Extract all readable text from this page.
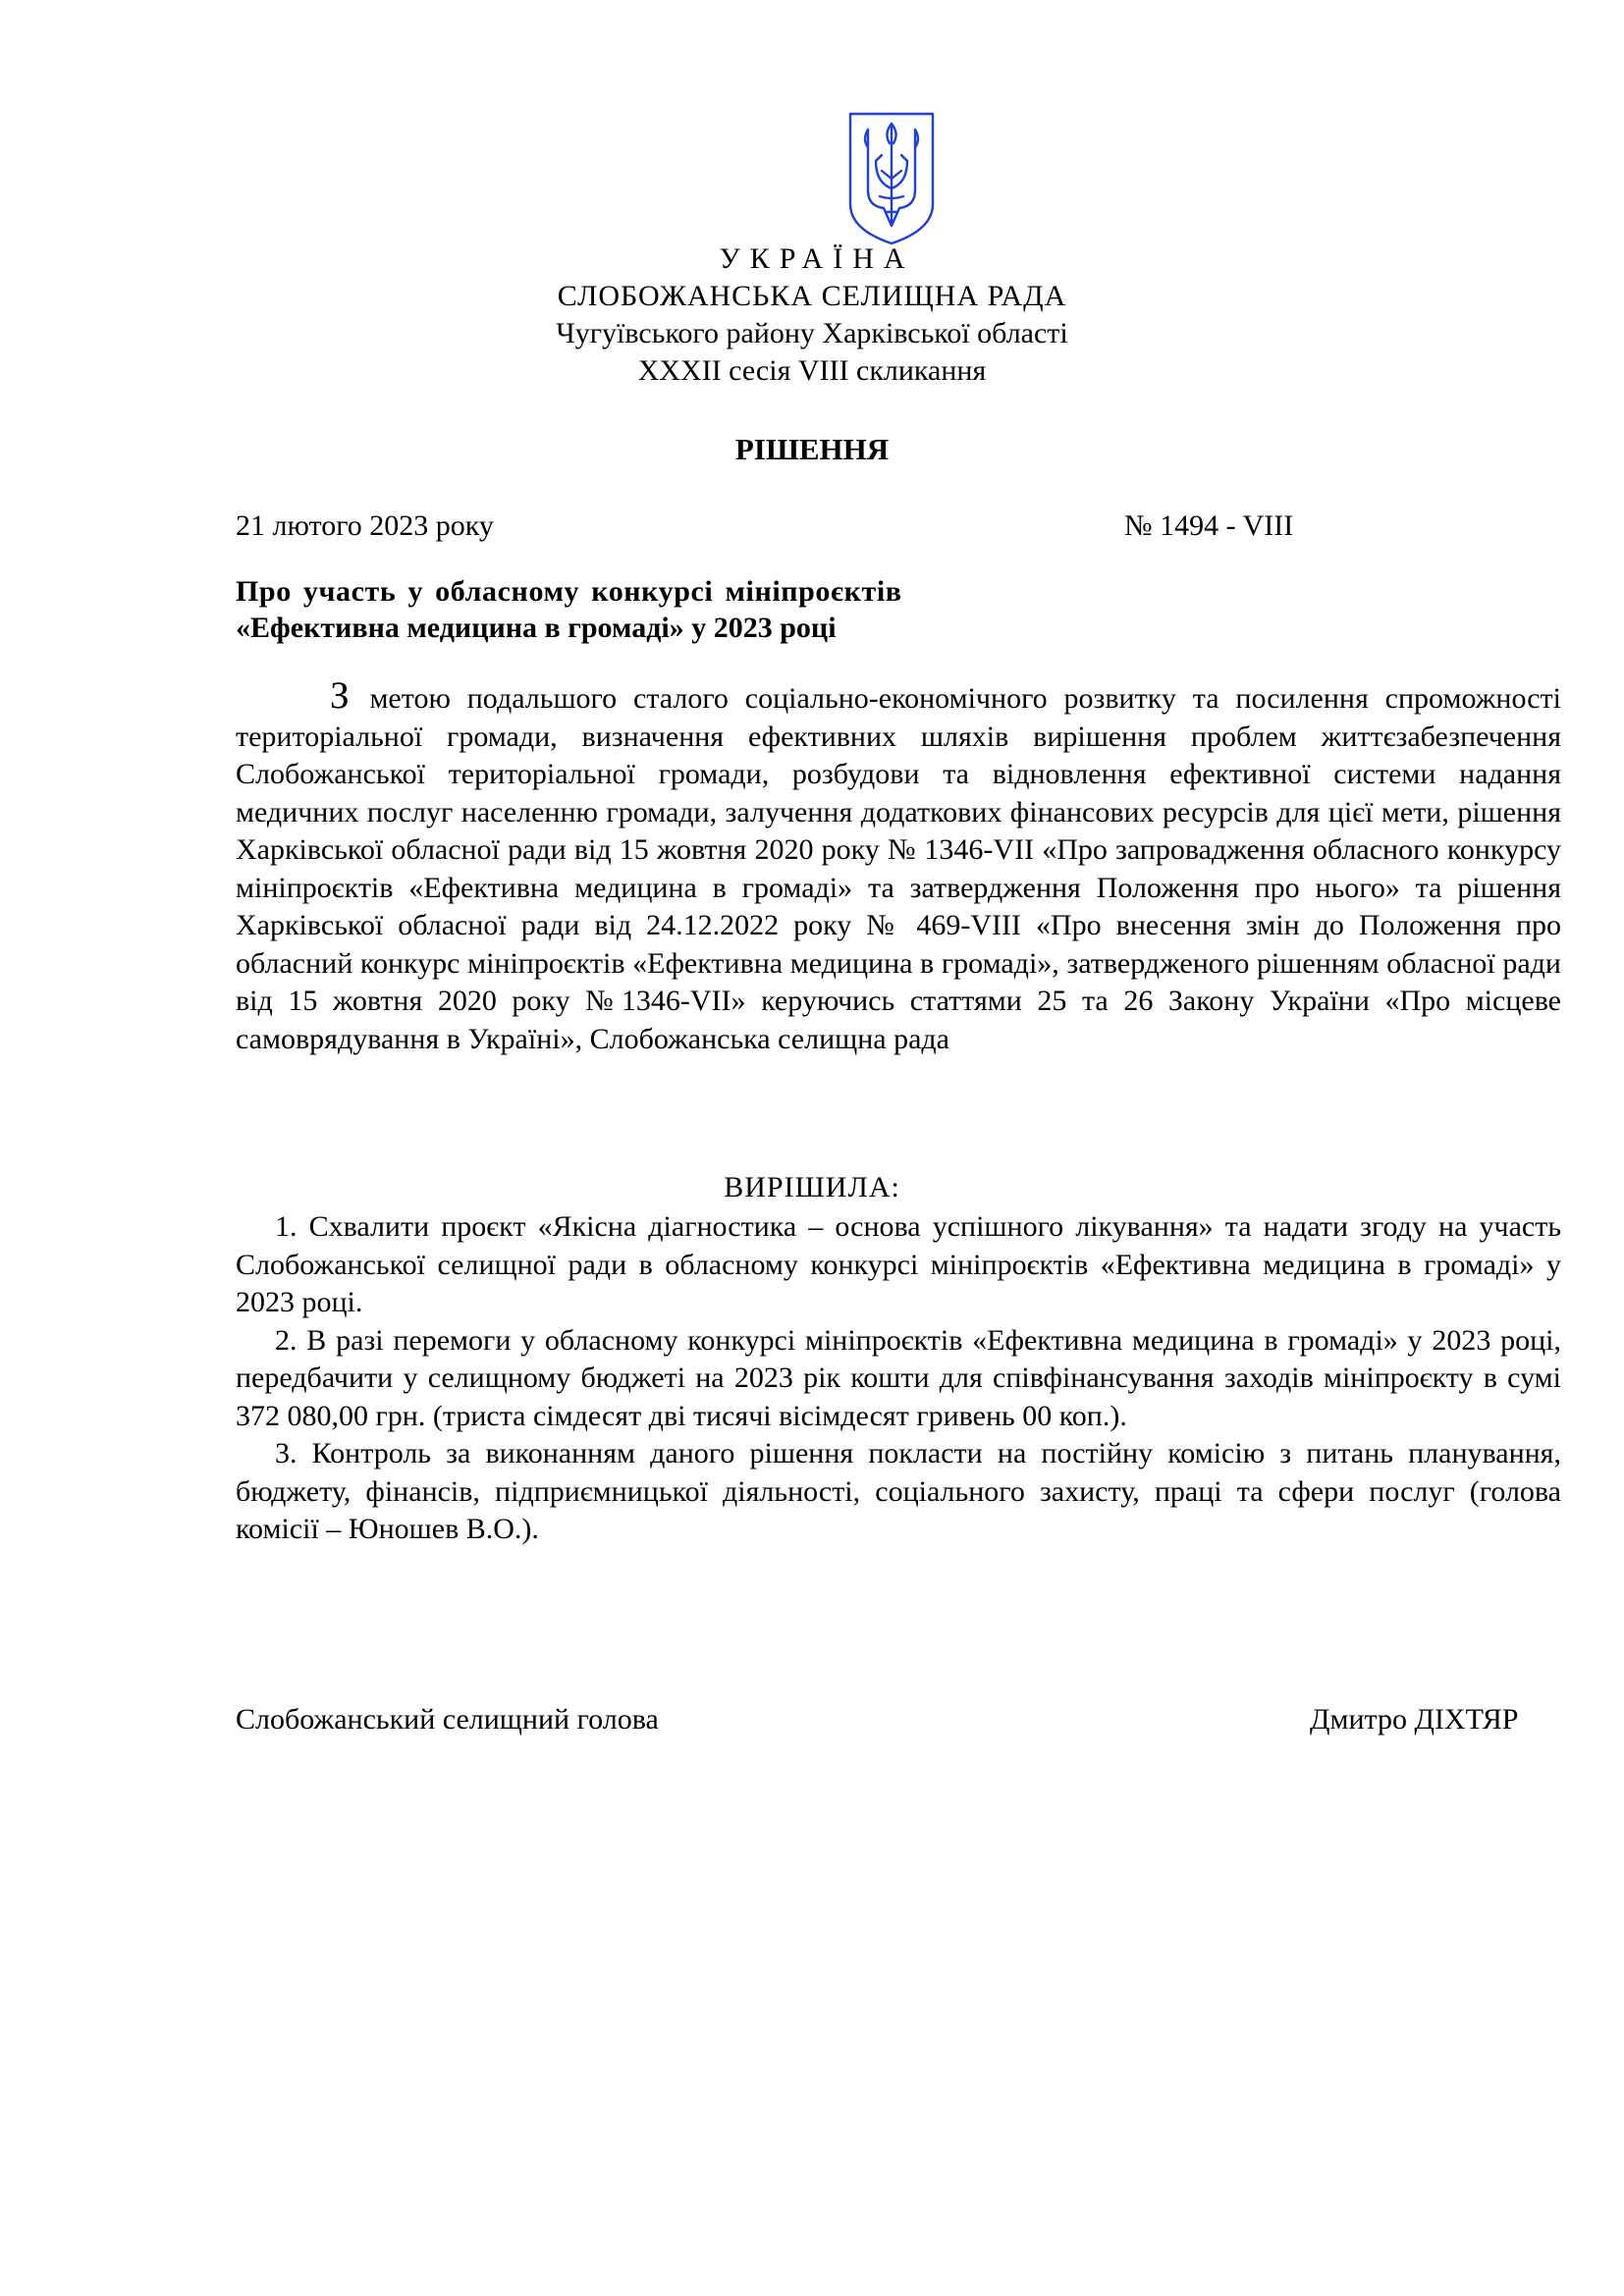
УКРАЇНА
СЛОБОЖАНСЬКА СЕЛИЩНА РАДА
Чугуївського району Харківської області
XXXII сесія VIII скликання
РІШЕННЯ
21 лютого 2023 року	№ 1494 - VIII
Про участь у обласному конкурсі мініпроєктів
«Ефективна медицина в громаді» у 2023 році
З метою подальшого сталого соціально-економічного розвитку та посилення спроможності територіальної громади, визначення ефективних шляхів вирішення проблем життєзабезпечення Слобожанської територіальної громади, розбудови та відновлення ефективної системи надання медичних послуг населенню громади, залучення додаткових фінансових ресурсів для цієї мети, рішення Харківської обласної ради від 15 жовтня 2020 року № 1346-VII «Про запровадження обласного конкурсу мініпроєктів «Ефективна медицина в громаді» та затвердження Положення про нього» та рішення Харківської обласної ради від 24.12.2022 року № 469-VIII «Про внесення змін до Положення про обласний конкурс мініпроєктів «Ефективна медицина в громаді», затвердженого рішенням обласної ради від 15 жовтня 2020 року №1346-VII» керуючись статтями 25 та 26 Закону України «Про місцеве самоврядування в Україні», Слобожанська селищна рада
ВИРІШИЛА:

1. Схвалити проєкт «Якісна діагностика – основа успішного лікування» та надати згоду на участь Слобожанської селищної ради в обласному конкурсі мініпроєктів «Ефективна медицина в громаді» у 2023 році.

2. В разі перемоги у обласному конкурсі мініпроєктів «Ефективна медицина в громаді» у 2023 році, передбачити у селищному бюджеті на 2023 рік кошти для співфінансування заходів мініпроєкту в сумі 372 080,00 грн. (триста сімдесят дві тисячі вісімдесят гривень 00 коп.).

3. Контроль за виконанням даного рішення покласти на постійну комісію з питань планування, бюджету, фінансів, підприємницької діяльності, соціального захисту, праці та сфери послуг (голова комісії – Юношев В.О.).

Слобожанський селищний голова	Дмитро ДІХТЯР
